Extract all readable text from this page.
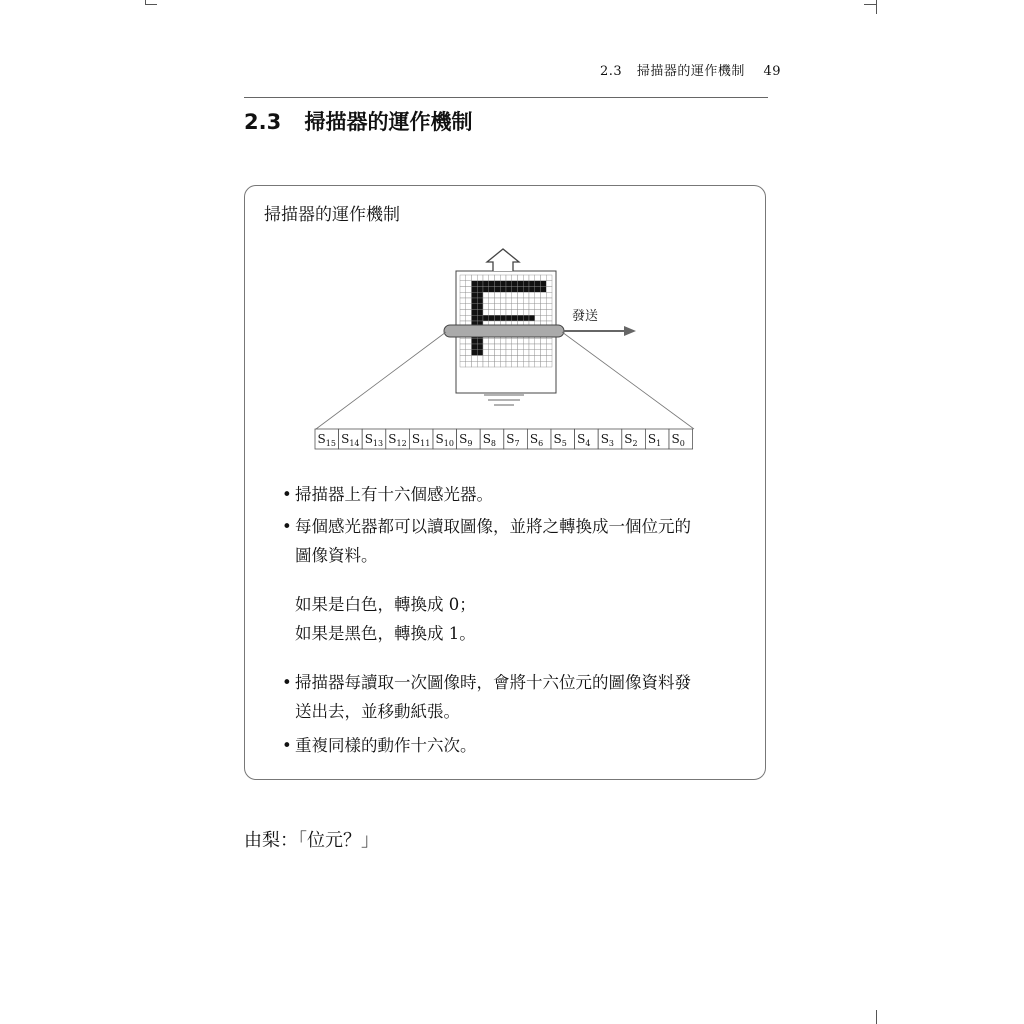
2.3 掃描器的運作機制 49
2.3 掃描器的運作機制
掃描器的運作機制
發送
$S_{15}$ $S_{14}$ $S_{13}$ $S_{12}$ $S_{11}$ $S_{10}$ $S_9$ $S_8$ $S_7$ $S_6$ $S_5$ $S_4$ $S_3$ $S_2$ $S_1$ $S_0$
• 掃描器上有十六個感光器。
• 每個感光器都可以讀取圖像，並將之轉換成一個位元的
圖像資料。
如果是白色，轉換成 0；
如果是黑色，轉換成 1。
• 掃描器每讀取一次圖像時，會將十六位元的圖像資料發
送出去，並移動紙張。
• 重複同樣的動作十六次。
由梨：「位元？」
